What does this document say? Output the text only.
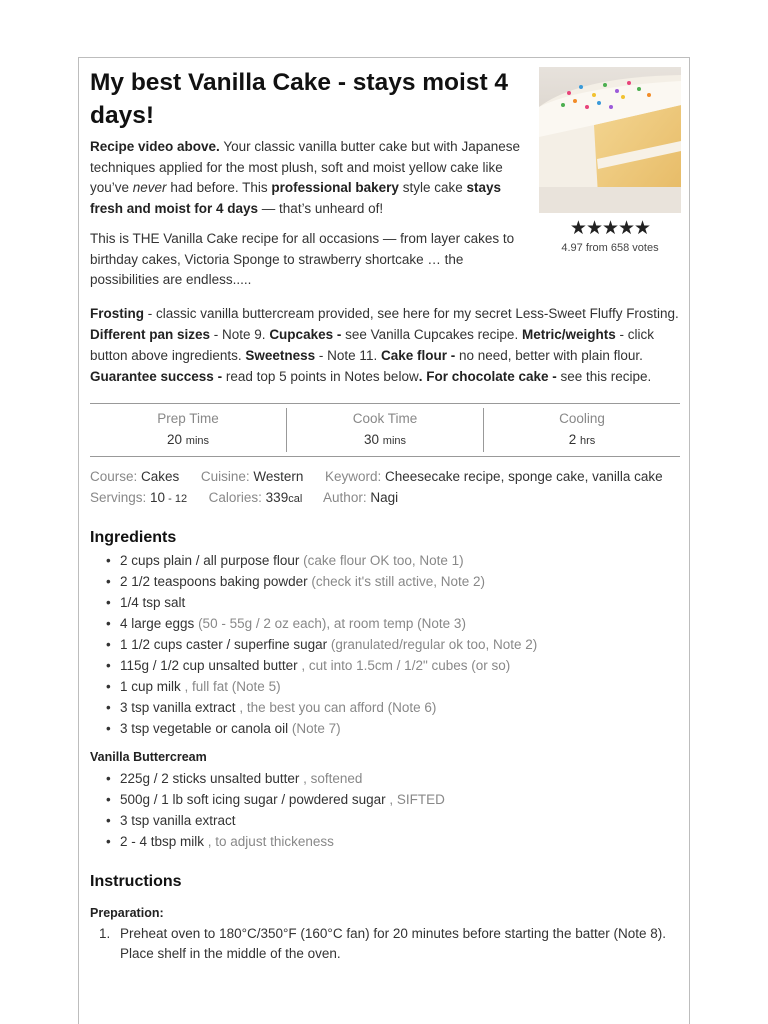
My best Vanilla Cake - stays moist 4 days!

Recipe video above. Your classic vanilla butter cake but with Japanese techniques applied for the most plush, soft and moist yellow cake like you’ve never had before. This professional bakery style cake stays fresh and moist for 4 days — that’s unheard of!

This is THE Vanilla Cake recipe for all occasions — from layer cakes to birthday cakes, Victoria Sponge to strawberry shortcake … the possibilities are endless.....

★★★★★
4.97 from 658 votes
Frosting - classic vanilla buttercream provided, see here for my secret Less-Sweet Fluffy Frosting. Different pan sizes - Note 9. Cupcakes - see Vanilla Cupcakes recipe. Metric/weights - click button above ingredients. Sweetness - Note 11. Cake flour - no need, better with plain flour. Guarantee success - read top 5 points in Notes below. For chocolate cake - see this recipe.
Prep Time
20 mins
Cook Time
30 mins
Cooling
2 hrs
Course: Cakes Cuisine: Western Keyword: Cheesecake recipe, sponge cake, vanilla cake
Servings: 10 - 12 Calories: 339cal Author: Nagi
Ingredients
• 2 cups plain / all purpose flour (cake flour OK too, Note 1)
• 2 1/2 teaspoons baking powder (check it's still active, Note 2)
• 1/4 tsp salt
• 4 large eggs (50 - 55g / 2 oz each), at room temp (Note 3)
• 1 1/2 cups caster / superfine sugar (granulated/regular ok too, Note 2)
• 115g / 1/2 cup unsalted butter , cut into 1.5cm / 1/2" cubes (or so)
• 1 cup milk , full fat (Note 5)
• 3 tsp vanilla extract , the best you can afford (Note 6)
• 3 tsp vegetable or canola oil (Note 7)
Vanilla Buttercream
• 225g / 2 sticks unsalted butter , softened
• 500g / 1 lb soft icing sugar / powdered sugar , SIFTED
• 3 tsp vanilla extract
• 2 - 4 tbsp milk , to adjust thickeness
Instructions
Preparation:
1. Preheat oven to 180°C/350°F (160°C fan) for 20 minutes before starting the batter (Note 8). Place shelf in the middle of the oven.
